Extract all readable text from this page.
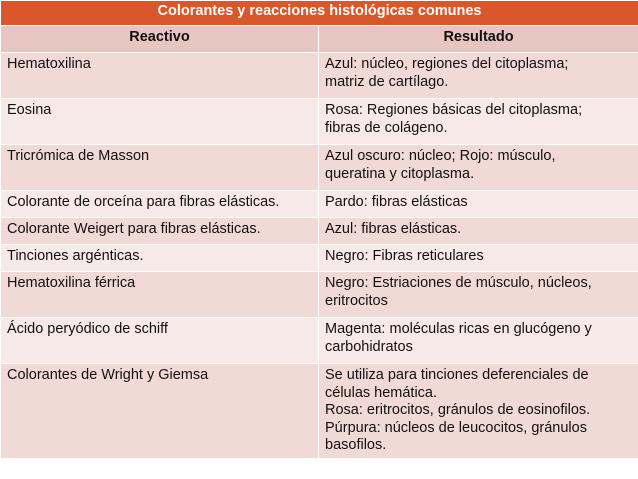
Colorantes y reacciones histológicas comunes	
Reactivo	Resultado
Hematoxilina	Azul: núcleo, regiones del citoplasma;
matriz de cartílago.

Eosina	Rosa: Regiones básicas del citoplasma;
fibras de colágeno.

Tricrómica de Masson	Azul oscuro: núcleo; Rojo: músculo,
queratina y citoplasma.

Colorante de orceína para fibras elásticas.	Pardo: fibras elásticas

Colorante Weigert para fibras elásticas.	Azul: fibras elásticas.

Tinciones argénticas.	Negro: Fibras reticulares

Hematoxilina férrica	Negro: Estriaciones de músculo, núcleos,
eritrocitos

Ácido peryódico de schiff	Magenta: moléculas ricas en glucógeno y
carbohidratos

Colorantes de Wright y Giemsa	Se utiliza para tinciones deferenciales de
células hemática.
Rosa: eritrocitos, gránulos de eosinofilos.
Púrpura: núcleos de leucocitos, gránulos
basofilos.
